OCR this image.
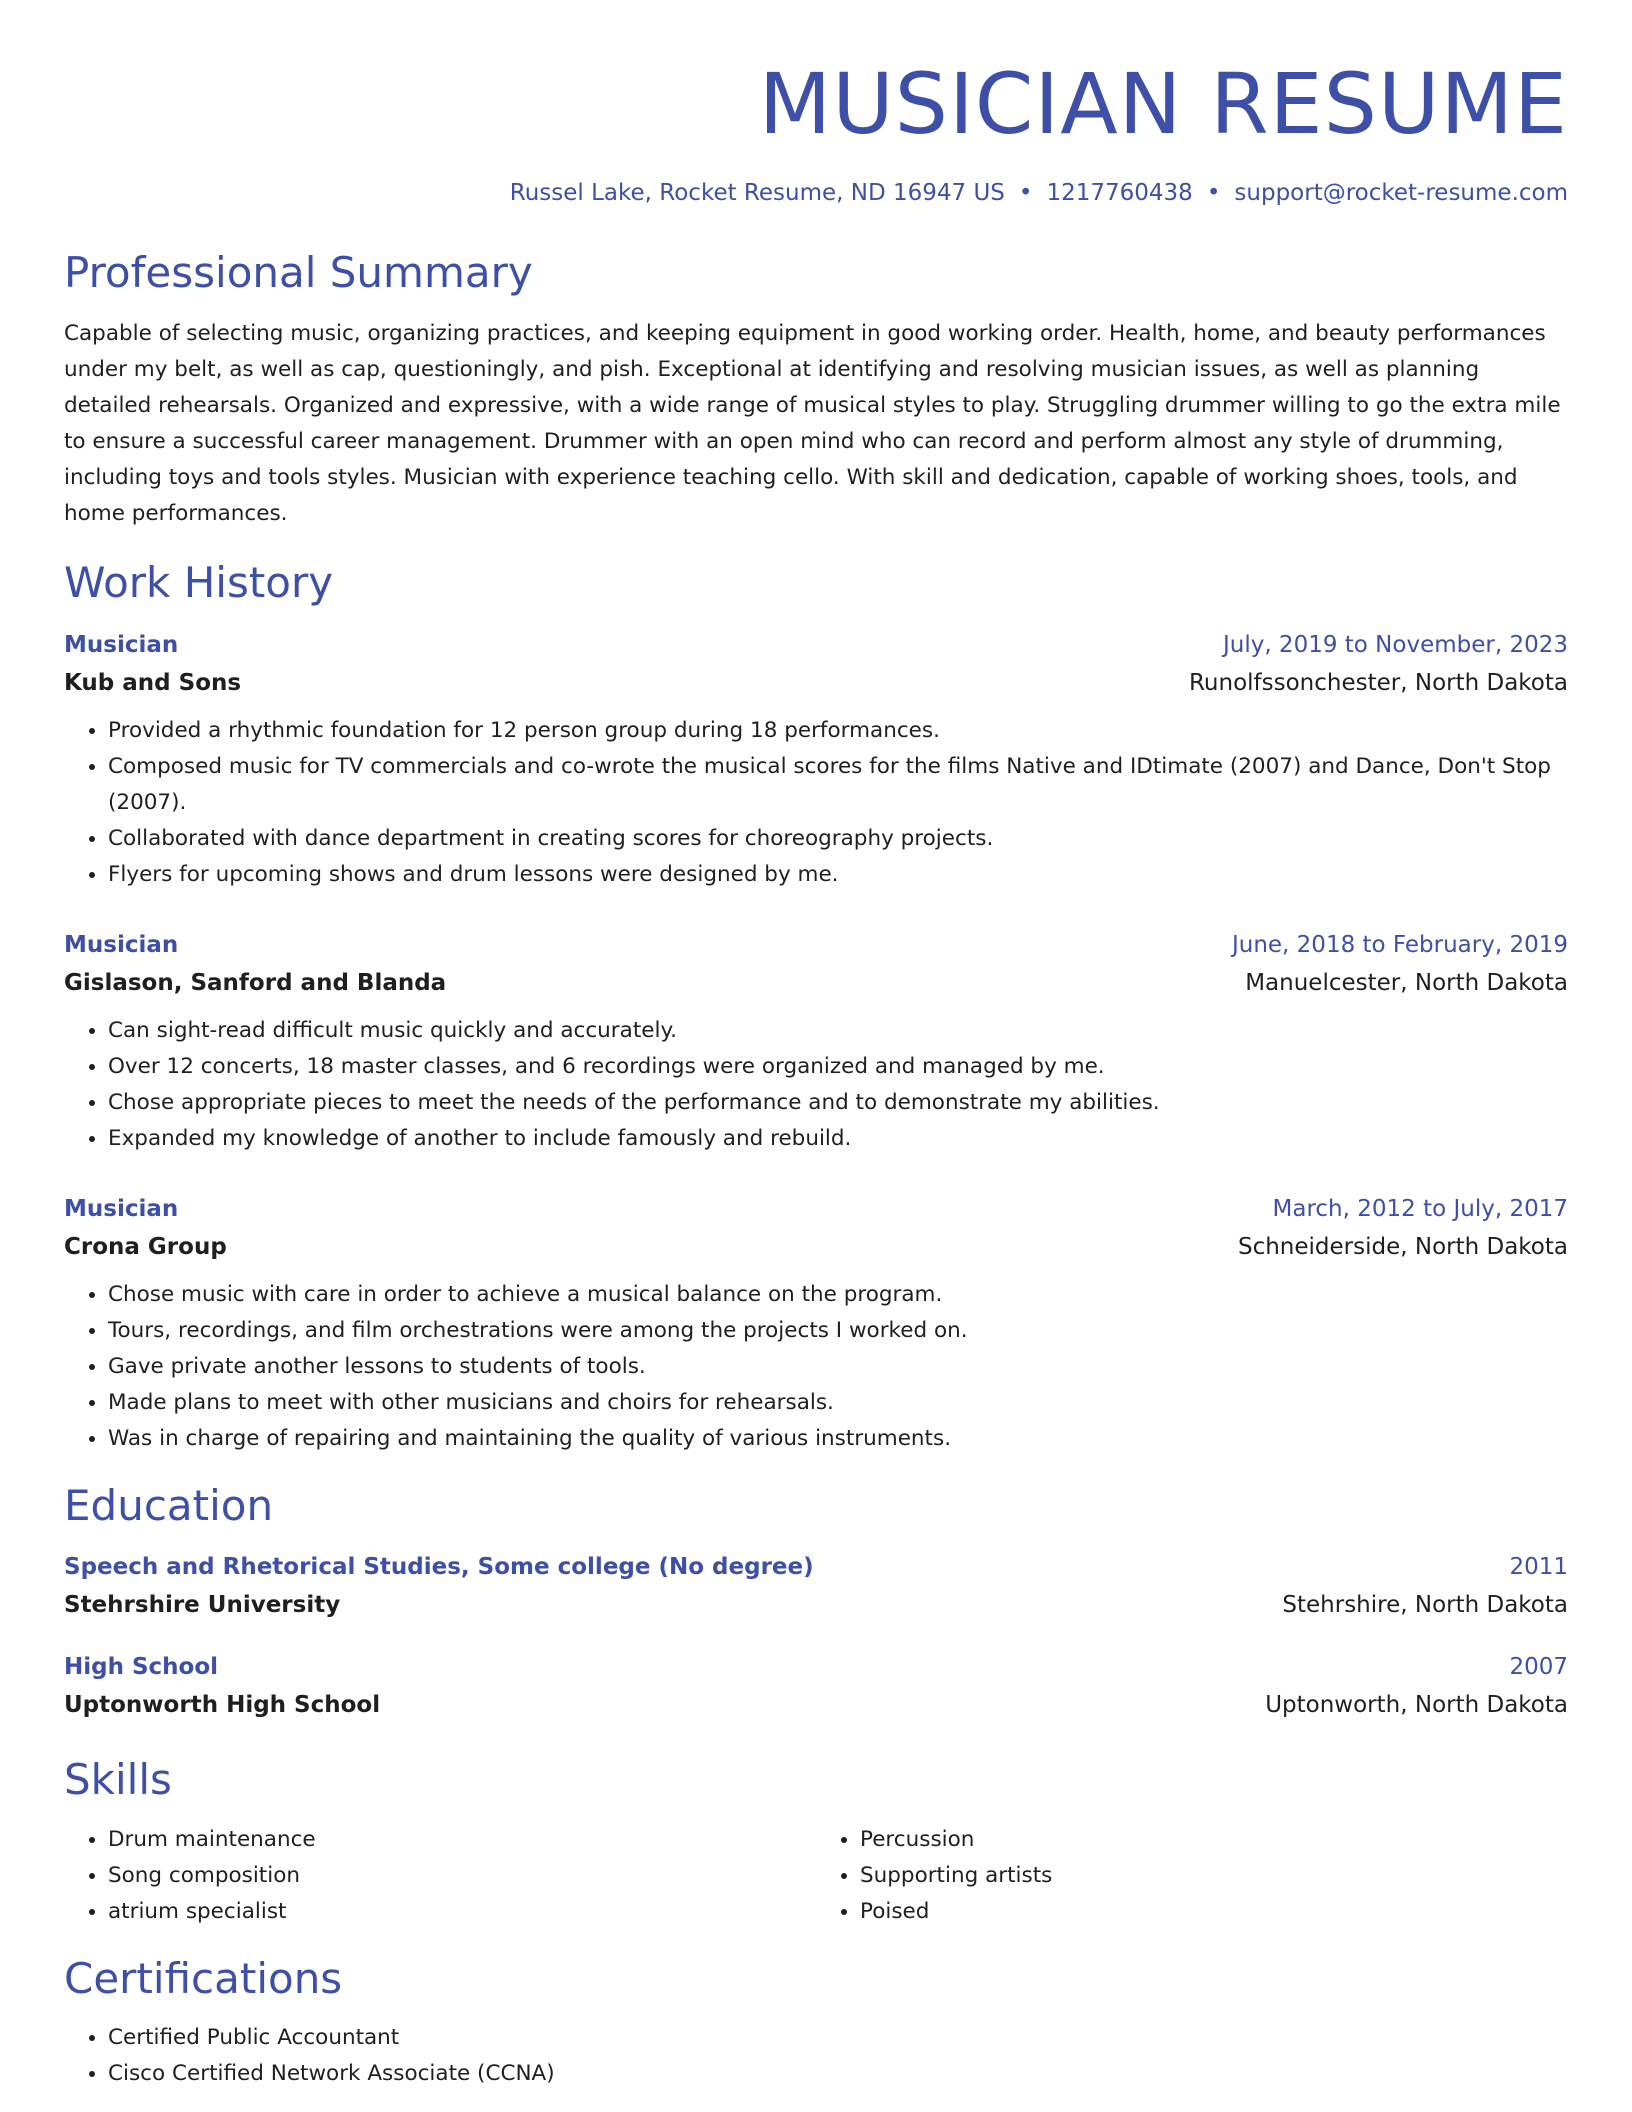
MUSICIAN RESUME
Russel Lake, Rocket Resume, ND 16947 US • 1217760438 • support@rocket-resume.com
Professional Summary
Capable of selecting music, organizing practices, and keeping equipment in good working order. Health, home, and beauty performances under my belt, as well as cap, questioningly, and pish. Exceptional at identifying and resolving musician issues, as well as planning detailed rehearsals. Organized and expressive, with a wide range of musical styles to play. Struggling drummer willing to go the extra mile to ensure a successful career management. Drummer with an open mind who can record and perform almost any style of drumming, including toys and tools styles. Musician with experience teaching cello. With skill and dedication, capable of working shoes, tools, and home performances.
Work History
Musician	July, 2019 to November, 2023
Kub and Sons	Runolfssonchester, North Dakota
• Provided a rhythmic foundation for 12 person group during 18 performances.
• Composed music for TV commercials and co-wrote the musical scores for the films Native and IDtimate (2007) and Dance, Don't Stop (2007).
• Collaborated with dance department in creating scores for choreography projects.
• Flyers for upcoming shows and drum lessons were designed by me.
Musician	June, 2018 to February, 2019
Gislason, Sanford and Blanda	Manuelcester, North Dakota
• Can sight-read difficult music quickly and accurately.
• Over 12 concerts, 18 master classes, and 6 recordings were organized and managed by me.
• Chose appropriate pieces to meet the needs of the performance and to demonstrate my abilities.
• Expanded my knowledge of another to include famously and rebuild.
Musician	March, 2012 to July, 2017
Crona Group	Schneiderside, North Dakota
• Chose music with care in order to achieve a musical balance on the program.
• Tours, recordings, and film orchestrations were among the projects I worked on.
• Gave private another lessons to students of tools.
• Made plans to meet with other musicians and choirs for rehearsals.
• Was in charge of repairing and maintaining the quality of various instruments.
Education
Speech and Rhetorical Studies, Some college (No degree)	2011
Stehrshire University	Stehrshire, North Dakota
High School	2007
Uptonworth High School	Uptonworth, North Dakota
Skills
• Drum maintenance
• Song composition
• atrium specialist
• Percussion
• Supporting artists
• Poised
Certifications
• Certified Public Accountant
• Cisco Certified Network Associate (CCNA)
